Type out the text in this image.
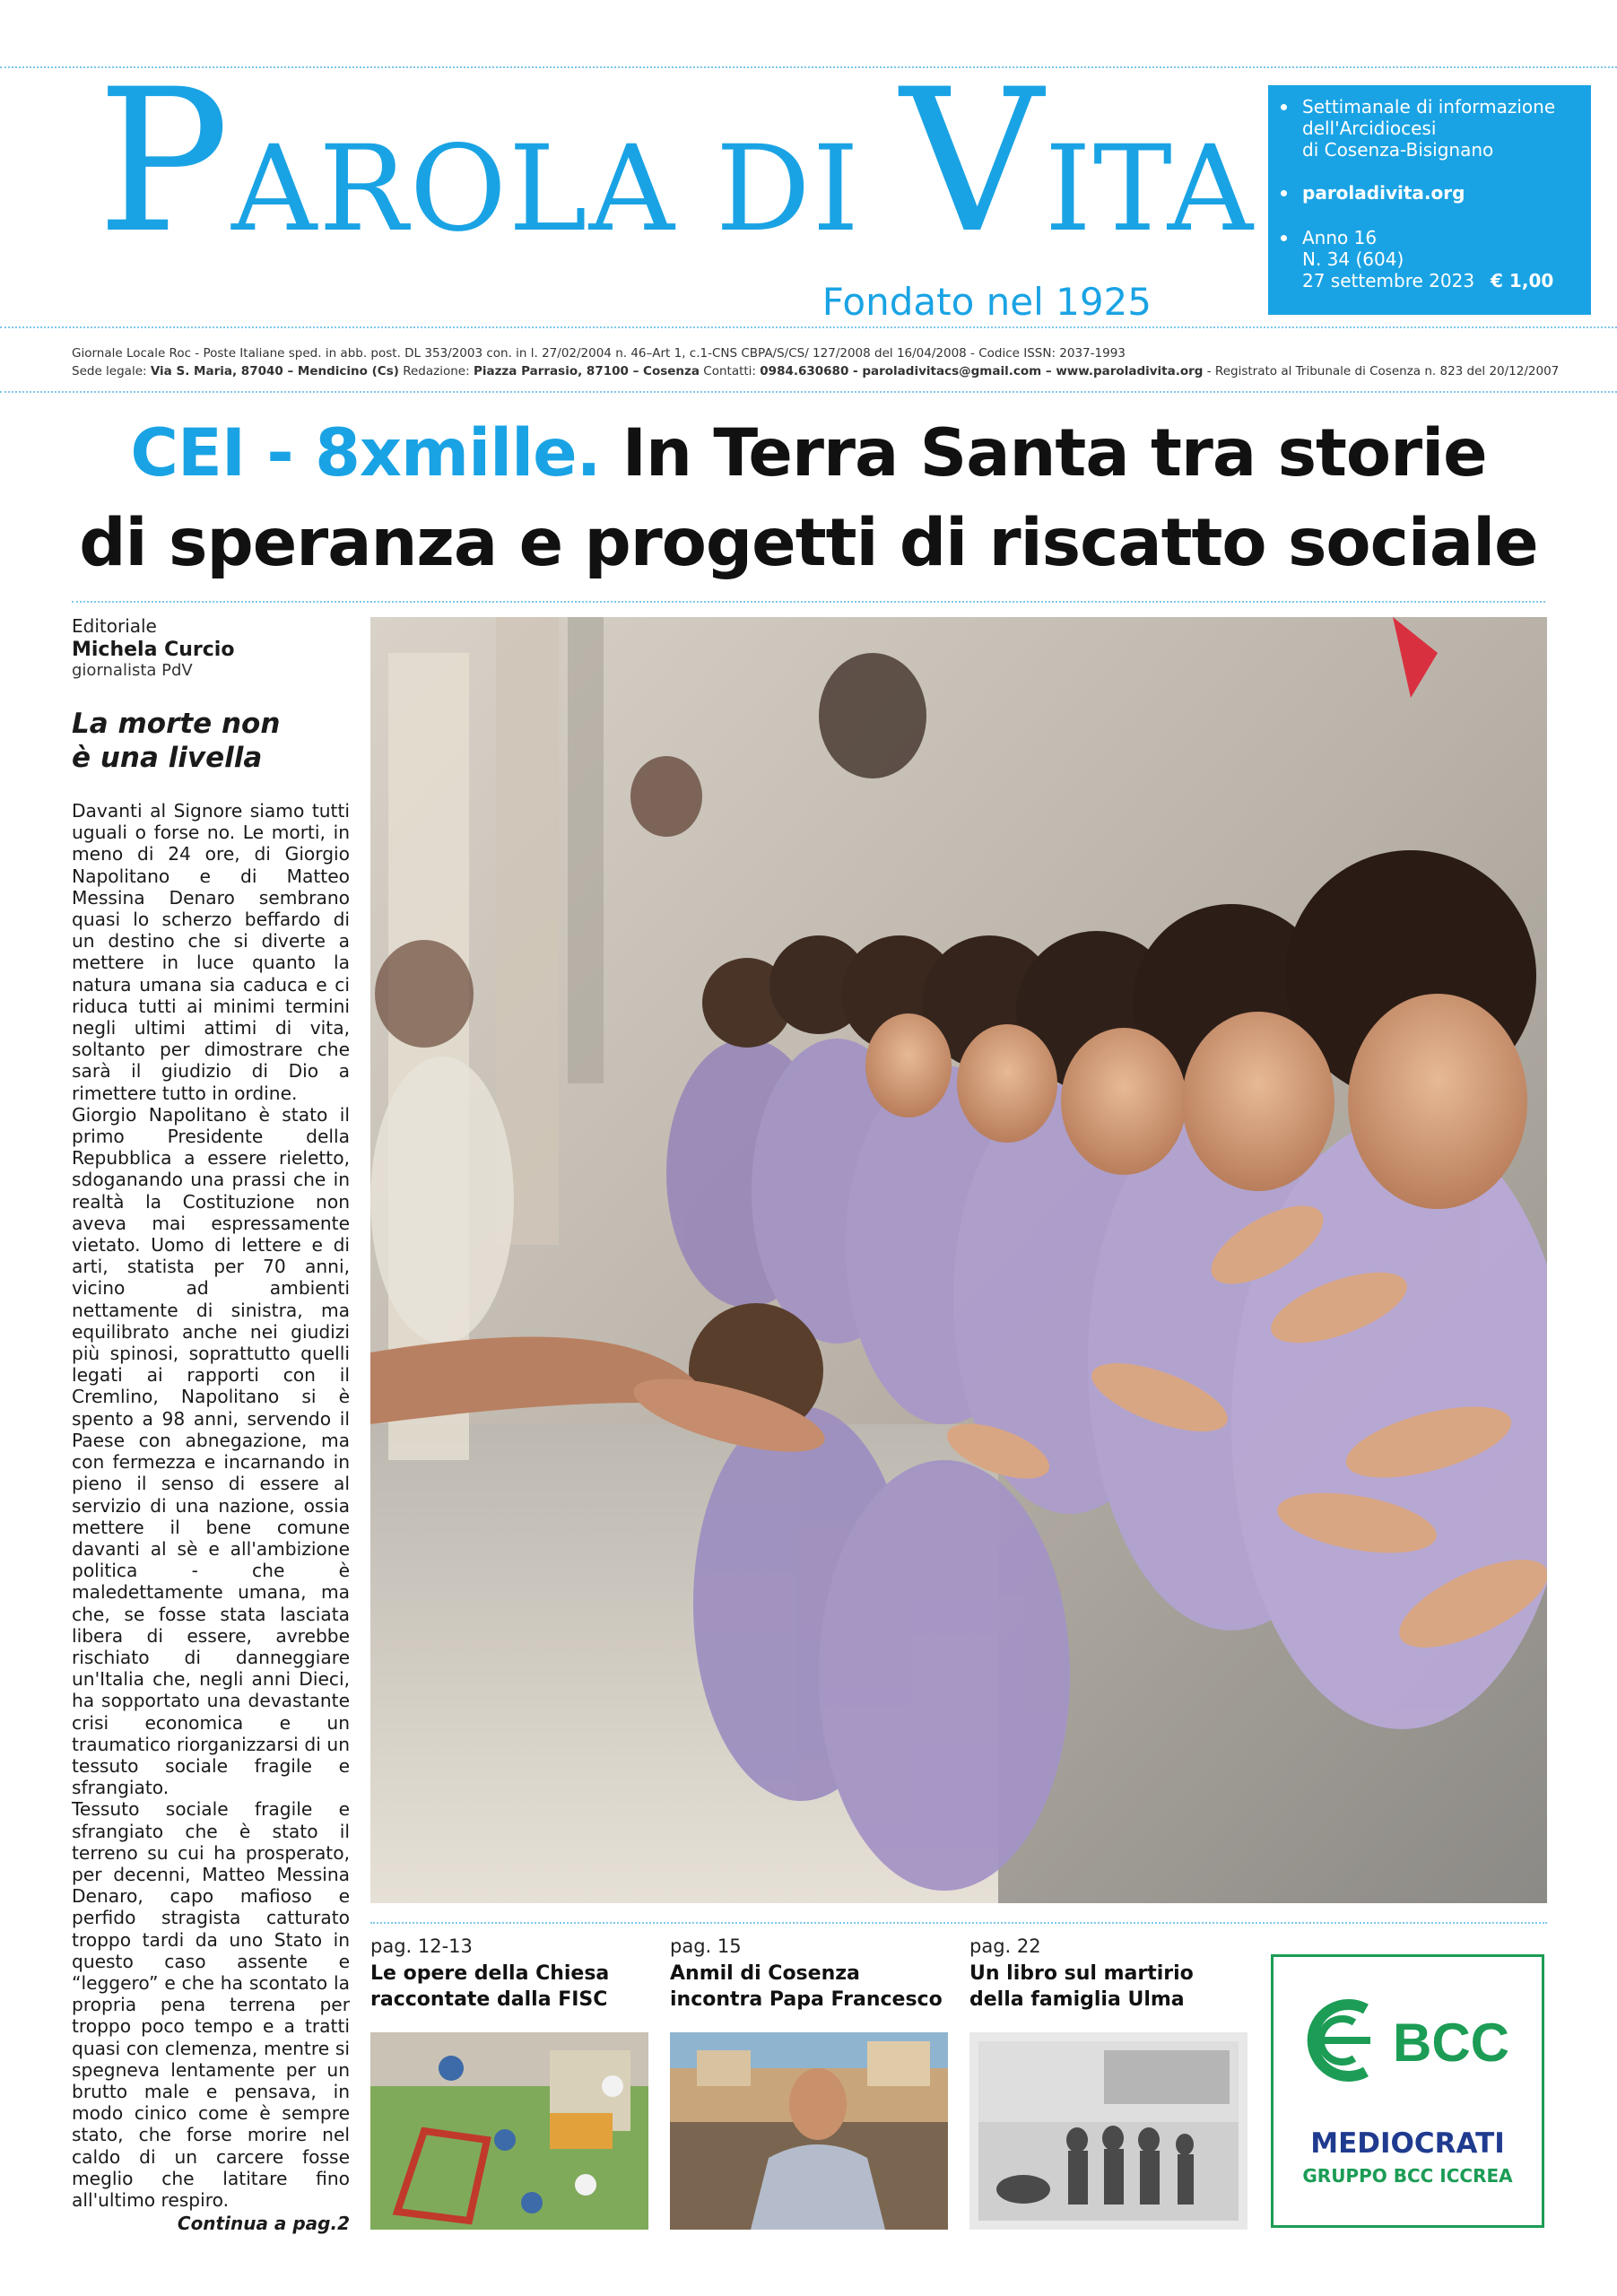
PAROLA DI VITA
Fondato nel 1925
Settimanale di informazione
dell'Arcidiocesi
di Cosenza-Bisignano
paroladivita.org
Anno 16
N. 34 (604)
27 settembre 2023 € 1,00
Giornale Locale Roc - Poste Italiane sped. in abb. post. DL 353/2003 con. in l. 27/02/2004 n. 46–Art 1, c.1-CNS CBPA/S/CS/ 127/2008 del 16/04/2008 - Codice ISSN: 2037-1993
Sede legale: Via S. Maria, 87040 – Mendicino (Cs) Redazione: Piazza Parrasio, 87100 – Cosenza Contatti: 0984.630680 - paroladivitacs@gmail.com – www.paroladivita.org - Registrato al Tribunale di Cosenza n. 823 del 20/12/2007
CEI - 8xmille. In Terra Santa tra storie
di speranza e progetti di riscatto sociale
Editoriale
Michela Curcio
giornalista PdV
La morte non
è una livella

Davanti al Signore siamo tutti uguali o forse no. Le morti, in meno di 24 ore, di Giorgio Napolitano e di Matteo Messina Denaro sembrano quasi lo scherzo beffardo di un destino che si diverte a mettere in luce quanto la natura umana sia caduca e ci riduca tutti ai minimi termini negli ultimi attimi di vita, soltanto per dimostrare che sarà il giudizio di Dio a rimettere tutto in ordine.

Giorgio Napolitano è stato il primo Presidente della Repubblica a essere rieletto, sdoganando una prassi che in realtà la Costituzione non aveva mai espressamente vietato. Uomo di lettere e di arti, statista per 70 anni, vicino ad ambienti nettamente di sinistra, ma equilibrato anche nei giudizi più spinosi, soprattutto quelli legati ai rapporti con il Cremlino, Napolitano si è spento a 98 anni, servendo il Paese con abnegazione, ma con fermezza e incarnando in pieno il senso di essere al servizio di una nazione, ossia mettere il bene comune davanti al sè e all'ambizione politica - che è maledettamente umana, ma che, se fosse stata lasciata libera di essere, avrebbe rischiato di danneggiare un'Italia che, negli anni Dieci, ha sopportato una devastante crisi economica e un traumatico riorganizzarsi di un tessuto sociale fragile e sfrangiato.

Tessuto sociale fragile e sfrangiato che è stato il terreno su cui ha prosperato, per decenni, Matteo Messina Denaro, capo mafioso e perfido stragista catturato troppo tardi da uno Stato in questo caso assente e “leggero” e che ha scontato la propria pena terrena per troppo poco tempo e a tratti quasi con clemenza, mentre si spegneva lentamente per un brutto male e pensava, in modo cinico come è sempre stato, che forse morire nel caldo di un carcere fosse meglio che latitare fino all'ultimo respiro.

Continua a pag.2
pag. 12-13
Le opere della Chiesa
raccontate dalla FISC
pag. 15
Anmil di Cosenza
incontra Papa Francesco
pag. 22
Un libro sul martirio
della famiglia Ulma
BCC
MEDIOCRATI
GRUPPO BCC ICCREA
